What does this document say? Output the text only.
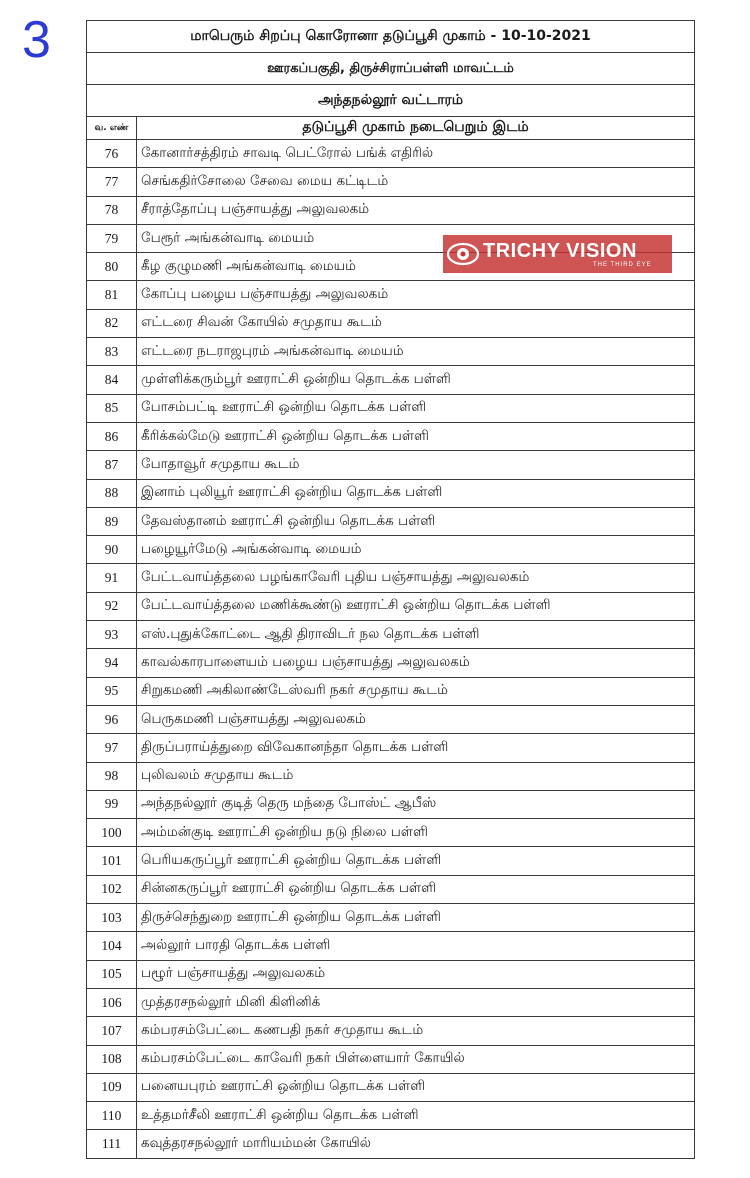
3	மாபெரும் சிறப்பு கொரோனா தடுப்பூசி முகாம் - 10-10-2021	
ஊரகப்பகுதி, திருச்சிராப்பள்ளி மாவட்டம்	
அந்தநல்லூர் வட்டாரம்	
வ. எண்	தடுப்பூசி முகாம் நடைபெறும் இடம்
76	கோனார்சத்திரம் சாவடி பெட்ரோல் பங்க் எதிரில்
77	செங்கதிர்சோலை சேவை மைய கட்டிடம்
78	சீராத்தோப்பு பஞ்சாயத்து அலுவலகம்
79	பேரூர் அங்கன்வாடி மையம்
80	கீழ குழுமணி அங்கன்வாடி மையம்
81	கோப்பு பழைய பஞ்சாயத்து அலுவலகம்
82	எட்டரை சிவன் கோயில் சமுதாய கூடம்
83	எட்டரை நடராஜபுரம் அங்கன்வாடி மையம்
84	முள்ளிக்கரும்பூர் ஊராட்சி ஒன்றிய தொடக்க பள்ளி
85	போசம்பட்டி ஊராட்சி ஒன்றிய தொடக்க பள்ளி
86	கீரிக்கல்மேடு ஊராட்சி ஒன்றிய தொடக்க பள்ளி
87	போதாவூர் சமுதாய கூடம்
88	இனாம் புலியூர் ஊராட்சி ஒன்றிய தொடக்க பள்ளி
89	தேவஸ்தானம் ஊராட்சி ஒன்றிய தொடக்க பள்ளி
90	பழையூர்மேடு அங்கன்வாடி மையம்
91	பேட்டவாய்த்தலை பழங்காவேரி புதிய பஞ்சாயத்து அலுவலகம்
92	பேட்டவாய்த்தலை மணிக்கூண்டு ஊராட்சி ஒன்றிய தொடக்க பள்ளி
93	எஸ்.புதுக்கோட்டை ஆதி திராவிடர் நல தொடக்க பள்ளி
94	காவல்காரபாளையம் பழைய பஞ்சாயத்து அலுவலகம்
95	சிறுகமணி அகிலாண்டேஸ்வரி நகர் சமுதாய கூடம்
96	பெருகமணி பஞ்சாயத்து அலுவலகம்
97	திருப்பராய்த்துறை விவேகானந்தா தொடக்க பள்ளி
98	புலிவலம் சமுதாய கூடம்
99	அந்தநல்லூர் குடித் தெரு மந்தை போஸ்ட் ஆபீஸ்
100	அம்மன்குடி ஊராட்சி ஒன்றிய நடு நிலை பள்ளி
101	பெரியகருப்பூர் ஊராட்சி ஒன்றிய தொடக்க பள்ளி
102	சின்னகருப்பூர் ஊராட்சி ஒன்றிய தொடக்க பள்ளி
103	திருச்செந்துறை ஊராட்சி ஒன்றிய தொடக்க பள்ளி
104	அல்லூர் பாரதி தொடக்க பள்ளி
105	பழூர் பஞ்சாயத்து அலுவலகம்
106	முத்தரசநல்லூர் மினி கிளினிக்
107	கம்பரசம்பேட்டை கணபதி நகர் சமுதாய கூடம்
108	கம்பரசம்பேட்டை காவேரி நகர் பிள்ளையார் கோயில்
109	பனையபுரம் ஊராட்சி ஒன்றிய தொடக்க பள்ளி
110	உத்தமர்சீலி ஊராட்சி ஒன்றிய தொடக்க பள்ளி
111	கவுத்தரசநல்லூர் மாரியம்மன் கோயில்
TRICHY VISION
THE THIRD EYE
